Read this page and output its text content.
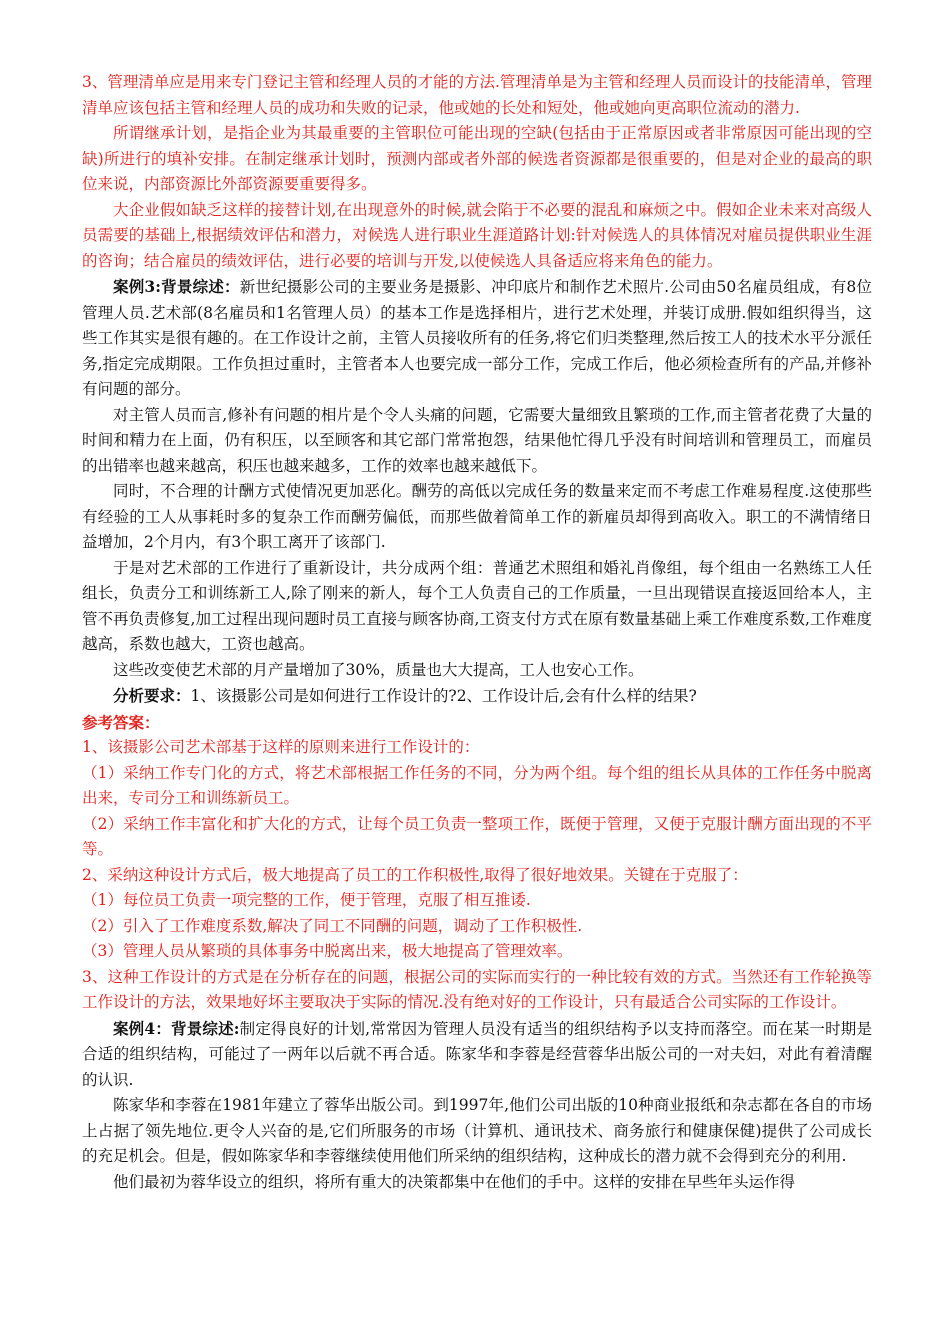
3、管理清单应是用来专门登记主管和经理人员的才能的方法.管理清单是为主管和经理人员而设计的技能清单，管理清单应该包括主管和经理人员的成功和失败的记录，他或她的长处和短处，他或她向更高职位流动的潜力.

所谓继承计划，是指企业为其最重要的主管职位可能出现的空缺(包括由于正常原因或者非常原因可能出现的空缺)所进行的填补安排。在制定继承计划时，预测内部或者外部的候选者资源都是很重要的，但是对企业的最高的职位来说，内部资源比外部资源要重要得多。

大企业假如缺乏这样的接替计划,在出现意外的时候,就会陷于不必要的混乱和麻烦之中。假如企业未来对高级人员需要的基础上,根据绩效评估和潜力，对候选人进行职业生涯道路计划:针对候选人的具体情况对雇员提供职业生涯的咨询；结合雇员的绩效评估，进行必要的培训与开发,以使候选人具备适应将来角色的能力。

案例3:背景综述：新世纪摄影公司的主要业务是摄影、冲印底片和制作艺术照片.公司由50名雇员组成，有8位管理人员.艺术部(8名雇员和1名管理人员）的基本工作是选择相片，进行艺术处理，并装订成册.假如组织得当，这些工作其实是很有趣的。在工作设计之前，主管人员接收所有的任务,将它们归类整理,然后按工人的技术水平分派任务,指定完成期限。工作负担过重时，主管者本人也要完成一部分工作，完成工作后，他必须检查所有的产品,并修补有问题的部分。

对主管人员而言,修补有问题的相片是个令人头痛的问题，它需要大量细致且繁琐的工作,而主管者花费了大量的时间和精力在上面，仍有积压，以至顾客和其它部门常常抱怨，结果他忙得几乎没有时间培训和管理员工，而雇员的出错率也越来越高，积压也越来越多，工作的效率也越来越低下。

同时，不合理的计酬方式使情况更加恶化。酬劳的高低以完成任务的数量来定而不考虑工作难易程度.这使那些有经验的工人从事耗时多的复杂工作而酬劳偏低，而那些做着简单工作的新雇员却得到高收入。职工的不满情绪日益增加，2个月内，有3个职工离开了该部门.

于是对艺术部的工作进行了重新设计，共分成两个组：普通艺术照组和婚礼肖像组，每个组由一名熟练工人任组长，负责分工和训练新工人,除了刚来的新人，每个工人负责自己的工作质量，一旦出现错误直接返回给本人，主管不再负责修复,加工过程出现问题时员工直接与顾客协商,工资支付方式在原有数量基础上乘工作难度系数,工作难度越高，系数也越大，工资也越高。

这些改变使艺术部的月产量增加了30%，质量也大大提高，工人也安心工作。

分析要求：1、该摄影公司是如何进行工作设计的?2、工作设计后,会有什么样的结果?

参考答案：

1、该摄影公司艺术部基于这样的原则来进行工作设计的：

（1）采纳工作专门化的方式，将艺术部根据工作任务的不同，分为两个组。每个组的组长从具体的工作任务中脱离出来，专司分工和训练新员工。

（2）采纳工作丰富化和扩大化的方式，让每个员工负责一整项工作，既便于管理，又便于克服计酬方面出现的不平等。

2、采纳这种设计方式后，极大地提高了员工的工作积极性,取得了很好地效果。关键在于克服了：

（1）每位员工负责一项完整的工作，便于管理，克服了相互推诿.

（2）引入了工作难度系数,解决了同工不同酬的问题，调动了工作积极性.

（3）管理人员从繁琐的具体事务中脱离出来，极大地提高了管理效率。

3、这种工作设计的方式是在分析存在的问题，根据公司的实际而实行的一种比较有效的方式。当然还有工作轮换等工作设计的方法，效果地好坏主要取决于实际的情况.没有绝对好的工作设计，只有最适合公司实际的工作设计。

案例4：背景综述:制定得良好的计划,常常因为管理人员没有适当的组织结构予以支持而落空。而在某一时期是合适的组织结构，可能过了一两年以后就不再合适。陈家华和李蓉是经营蓉华出版公司的一对夫妇，对此有着清醒的认识.

陈家华和李蓉在1981年建立了蓉华出版公司。到1997年,他们公司出版的10种商业报纸和杂志都在各自的市场上占据了领先地位.更令人兴奋的是,它们所服务的市场（计算机、通讯技术、商务旅行和健康保健)提供了公司成长的充足机会。但是，假如陈家华和李蓉继续使用他们所采纳的组织结构，这种成长的潜力就不会得到充分的利用.

他们最初为蓉华设立的组织，将所有重大的决策都集中在他们的手中。这样的安排在早些年头运作得
